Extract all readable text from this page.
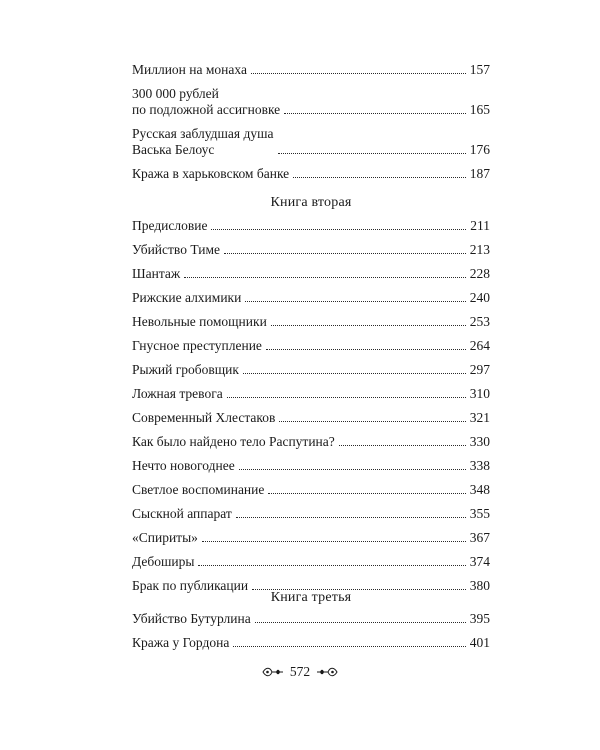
Миллион на монаха	157
300 000 рублей
по подложной ассигновке	165
Русская заблудшая душа
Васька Белоус	176
Кража в харьковском банке	187
Книга вторая
Предисловие	211
Убийство Тиме	213
Шантаж	228
Рижские алхимики	240
Невольные помощники	253
Гнусное преступление	264
Рыжий гробовщик	297
Ложная тревога	310
Современный Хлестаков	321
Как было найдено тело Распутина?	330
Нечто новогоднее	338
Светлое воспоминание	348
Сыскной аппарат	355
«Спириты»	367
Дебоширы	374
Брак по публикации	380
Книга третья
Убийство Бутурлина	395
Кража у Гордона	401
572
